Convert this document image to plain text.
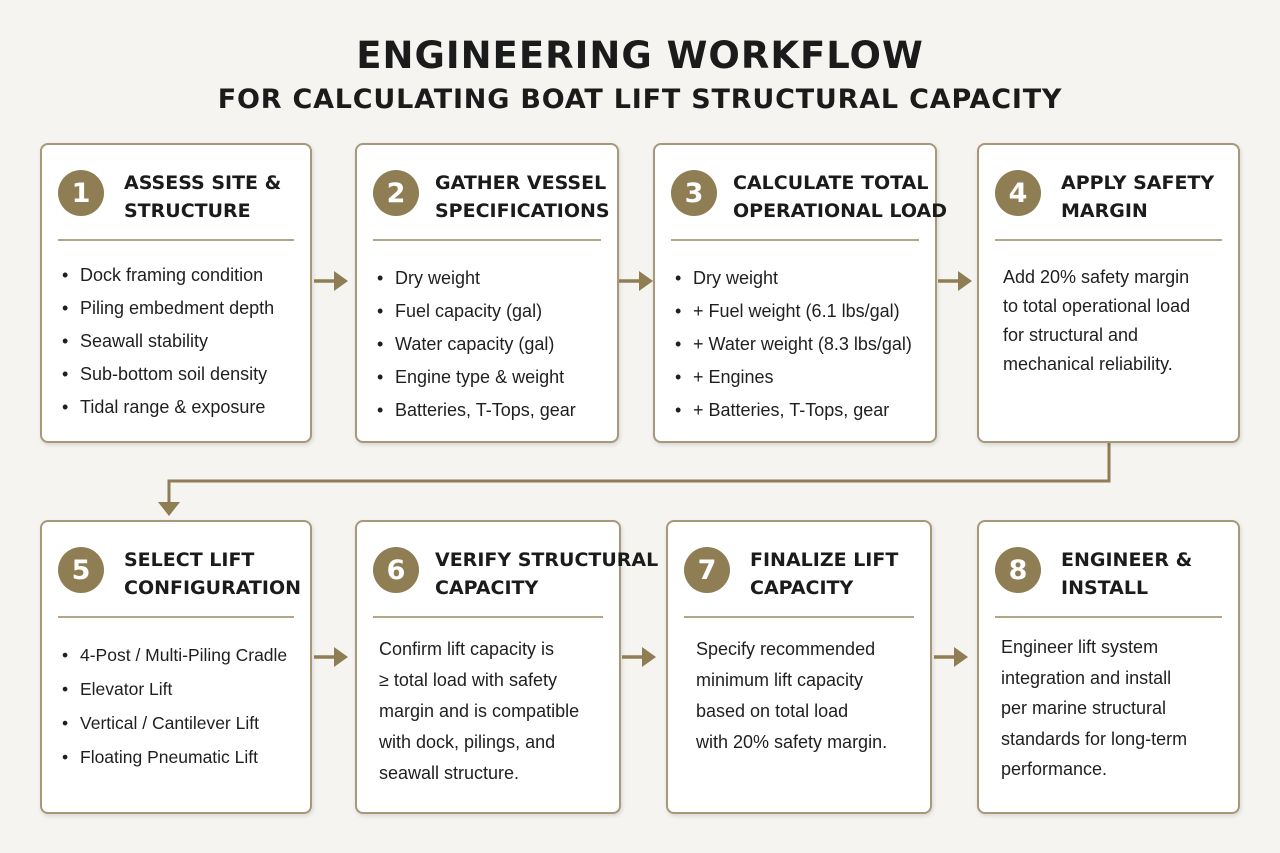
ENGINEERING WORKFLOW
FOR CALCULATING BOAT LIFT STRUCTURAL CAPACITY
1	ASSESS SITE &
STRUCTURE
• Dock framing condition
• Piling embedment depth
• Seawall stability
• Sub-bottom soil density
• Tidal range & exposure
2	GATHER VESSEL
SPECIFICATIONS
• Dry weight
• Fuel capacity (gal)
• Water capacity (gal)
• Engine type & weight
• Batteries, T-Tops, gear
3	CALCULATE TOTAL
OPERATIONAL LOAD
• Dry weight
• + Fuel weight (6.1 lbs/gal)
• + Water weight (8.3 lbs/gal)
• + Engines
• + Batteries, T-Tops, gear
4	APPLY SAFETY
MARGIN

Add 20% safety margin
to total operational load
for structural and
mechanical reliability.

5	SELECT LIFT
CONFIGURATION
• 4-Post / Multi-Piling Cradle
• Elevator Lift
• Vertical / Cantilever Lift
• Floating Pneumatic Lift
6	VERIFY STRUCTURAL
CAPACITY

Confirm lift capacity is
≥ total load with safety
margin and is compatible
with dock, pilings, and
seawall structure.

7	FINALIZE LIFT
CAPACITY

Specify recommended
minimum lift capacity
based on total load
with 20% safety margin.

8	ENGINEER &
INSTALL

Engineer lift system
integration and install
per marine structural
standards for long-term
performance.
